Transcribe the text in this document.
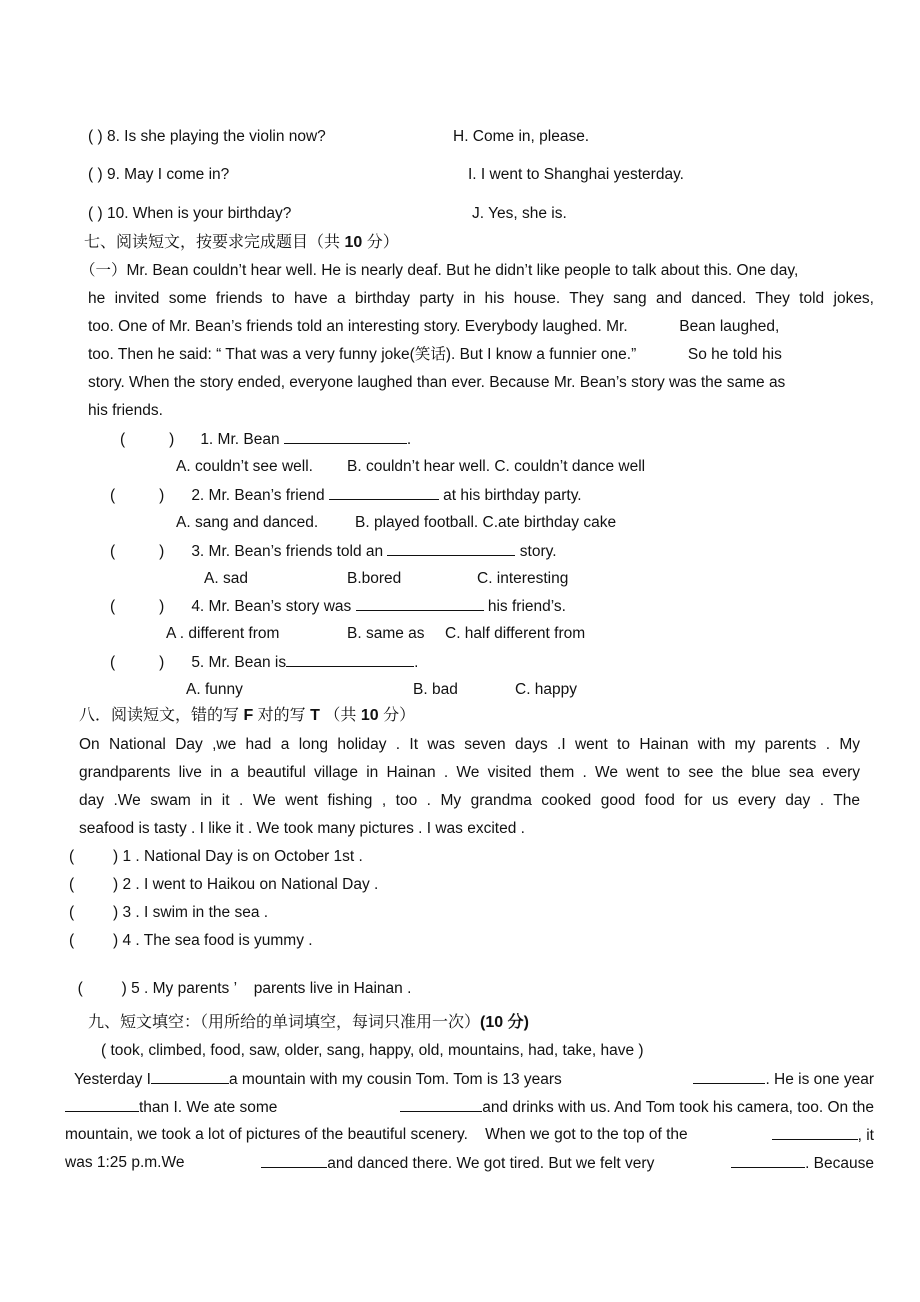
( ) 8. Is she playing the violin now?	H. Come in, please.
( ) 9. May I come in?	I. I went to Shanghai yesterday.
( ) 10. When is your birthday?	J. Yes, she is.
七、阅读短文，按要求完成题目（共 10 分）
（一）Mr. Bean couldn’t hear well. He is nearly deaf. But he didn’t like people to talk about this. One day,
he invited some friends to have a birthday party in his house. They sang and danced. They told jokes,
too. One of Mr. Bean’s friends told an interesting story. Everybody laughed. Mr.            Bean laughed,
too. Then he said: “ That was a very funny joke(笑话). But I know a funnier one.”            So he told his
story. When the story ended, everyone laughed than ever. Because Mr. Bean’s story was the same as
his friends.
(	) 1. Mr. Bean	.
A. couldn’t see well. B. couldn’t hear well. C. couldn’t dance well
(	) 2. Mr. Bean’s friend	at his birthday party.
A. sang and danced. B. played football. C.ate birthday cake
(	) 3. Mr. Bean’s friends told an	story.
A. sad	B.bored	C. interesting
(	) 4. Mr. Bean’s story was	his friend’s.
A . different from	B. same as C. half different from
(	) 5. Mr. Bean is	.
A. funny	B. bad	C. happy
八．阅读短文，错的写 F 对的写 T （共 10 分）
On National Day ,we had a long holiday . It was seven days .I went to Hainan with my parents . My
grandparents live in a beautiful village in Hainan . We visited them . We went to see the blue sea every
day .We swam in it . We went fishing , too . My grandma cooked good food for us every day . The
seafood is tasty . I like it . We took many pictures . I was excited .
(	) 1 . National Day is on October 1st .
(	) 2 . I went to Haikou on National Day .
(	) 3 . I swim in the sea .
(	) 4 . The sea food is yummy .

(	) 5 . My parents ’    parents live in Hainan .

九、短文填空：（用所给的单词填空，每词只准用一次）(10 分)
( took, climbed, food, saw, older, sang, happy, old, mountains, had, take, have )
Yesterday I	a mountain with my cousin Tom. Tom is 13 years	. He is one year
than I. We ate some	and drinks with us. And Tom took his camera, too. On the
mountain, we took a lot of pictures of the beautiful scenery.    When we got to the top of the	, it
was 1:25 p.m.We	and danced there. We got tired. But we felt very	. Because
